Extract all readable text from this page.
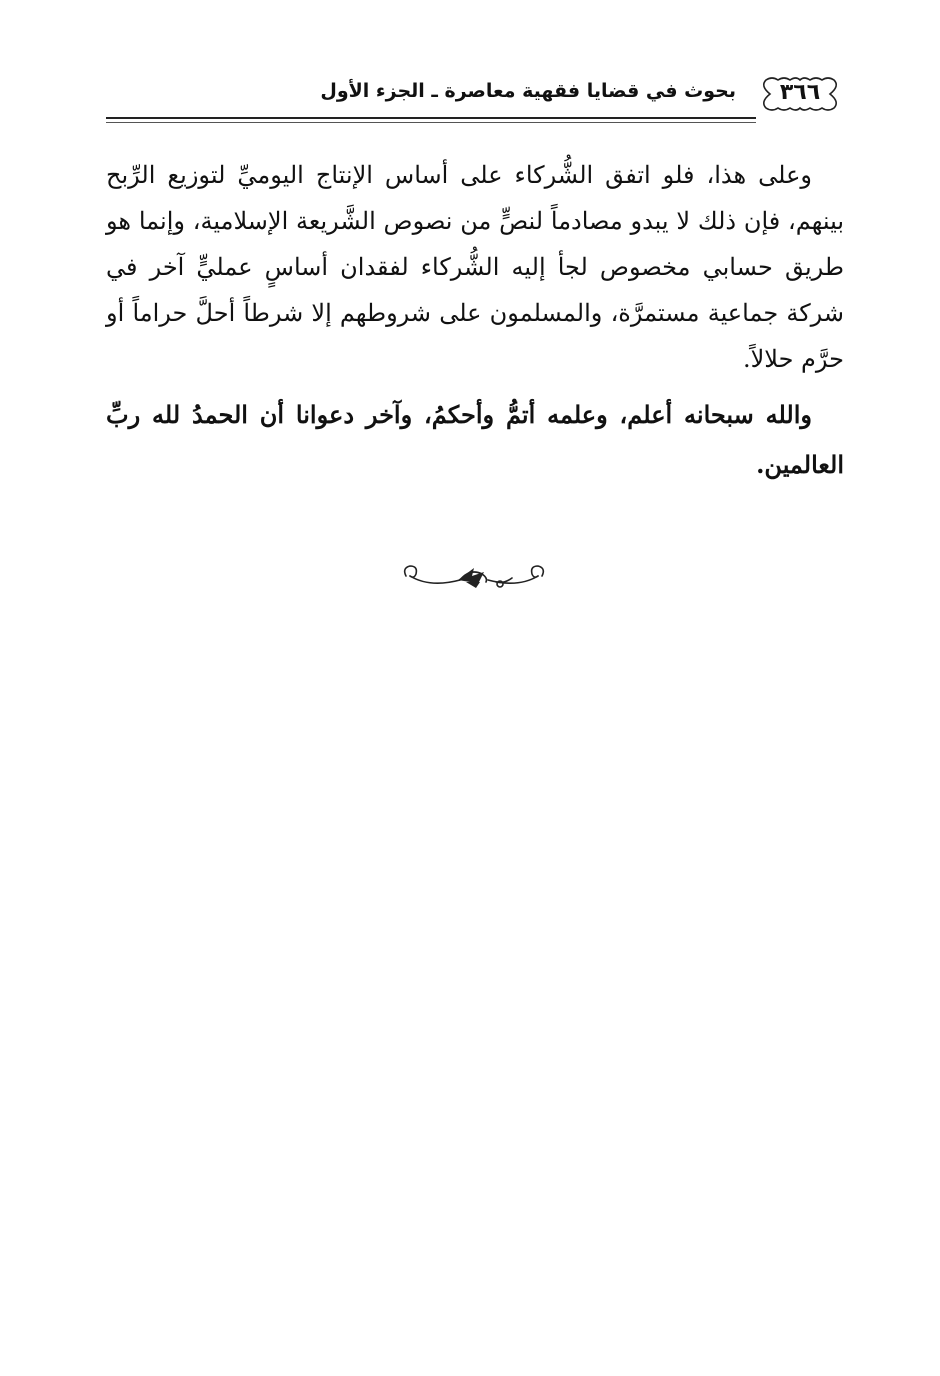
٣٦٦
بحوث في قضايا فقهية معاصرة ـ الجزء الأول

وعلى هذا، فلو اتفق الشُّركاء على أساس الإنتاج اليوميِّ لتوزيع الرِّبح بينهم، فإن ذلك لا يبدو مصادماً لنصٍّ من نصوص الشَّريعة الإسلامية، وإنما هو طريق حسابي مخصوص لجأ إليه الشُّركاء لفقدان أساسٍ عمليٍّ آخر في شركة جماعية مستمرَّة، والمسلمون على شروطهم إلا شرطاً أحلَّ حراماً أو حرَّم حلالاً.

والله سبحانه أعلم، وعلمه أتمُّ وأحكمُ، وآخر دعوانا أن الحمدُ لله ربِّ العالمين.
